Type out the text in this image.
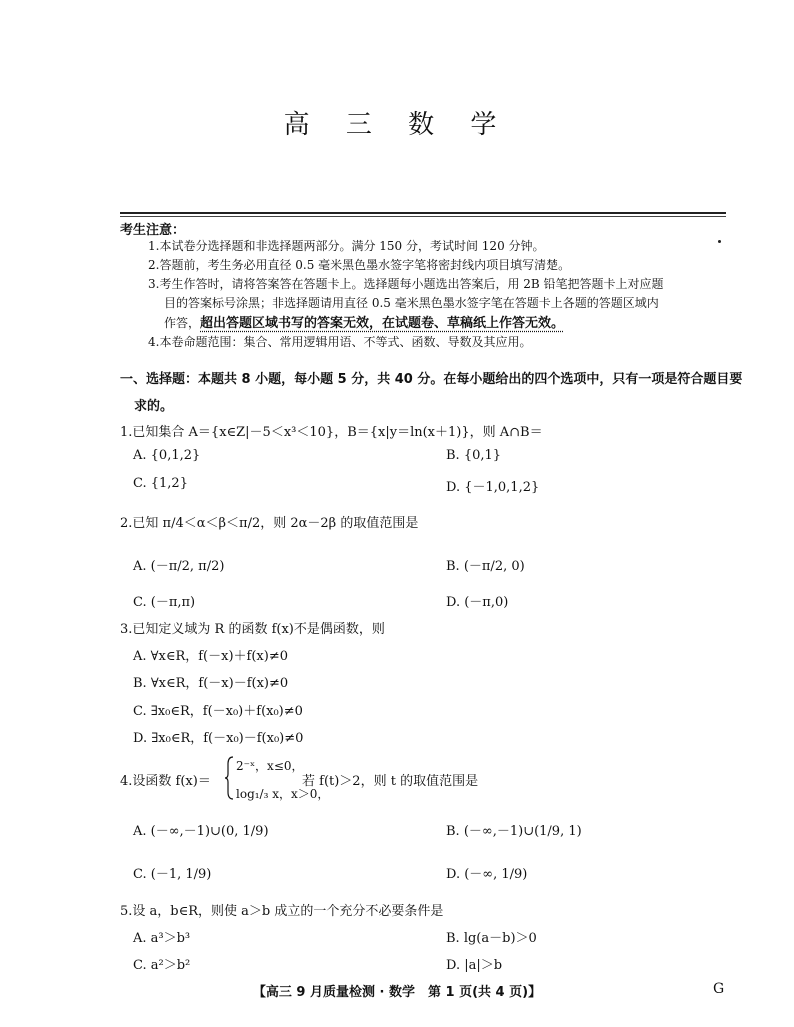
高 三 数 学
考生注意：
1.本试卷分选择题和非选择题两部分。满分 150 分，考试时间 120 分钟。
2.答题前，考生务必用直径 0.5 毫米黑色墨水签字笔将密封线内项目填写清楚。
3.考生作答时，请将答案答在答题卡上。选择题每小题选出答案后，用 2B 铅笔把答题卡上对应题
目的答案标号涂黑；非选择题请用直径 0.5 毫米黑色墨水签字笔在答题卡上各题的答题区域内
作答，超出答题区域书写的答案无效，在试题卷、草稿纸上作答无效。
4.本卷命题范围：集合、常用逻辑用语、不等式、函数、导数及其应用。
一、选择题：本题共 8 小题，每小题 5 分，共 40 分。在每小题给出的四个选项中，只有一项是符合题目要
求的。
1.已知集合 A＝{x∈Z|－5＜x³＜10}，B＝{x|y＝ln(x＋1)}，则 A∩B＝
A. {0,1,2}	B. {0,1}
C. {1,2}	D. {－1,0,1,2}
2.已知 π/4＜α＜β＜π/2，则 2α－2β 的取值范围是
A. (－π/2, π/2)	B. (－π/2, 0)
C. (－π,π)	D. (－π,0)
3.已知定义域为 R 的函数 f(x)不是偶函数，则
A. ∀x∈R，f(－x)＋f(x)≠0
B. ∀x∈R，f(－x)－f(x)≠0
C. ∃x₀∈R，f(－x₀)＋f(x₀)≠0
D. ∃x₀∈R，f(－x₀)－f(x₀)≠0
4.设函数 f(x)＝
2⁻ˣ，x≤0，
log₁/₃ x，x＞0，
若 f(t)＞2，则 t 的取值范围是
A. (－∞,－1)∪(0, 1/9)	B. (－∞,－1)∪(1/9, 1)
C. (－1, 1/9)	D. (－∞, 1/9)
5.设 a，b∈R，则使 a＞b 成立的一个充分不必要条件是
A. a³＞b³	B. lg(a－b)＞0
C. a²＞b²	D. |a|＞b
【高三 9 月质量检测 · 数学　第 1 页(共 4 页)】	G
